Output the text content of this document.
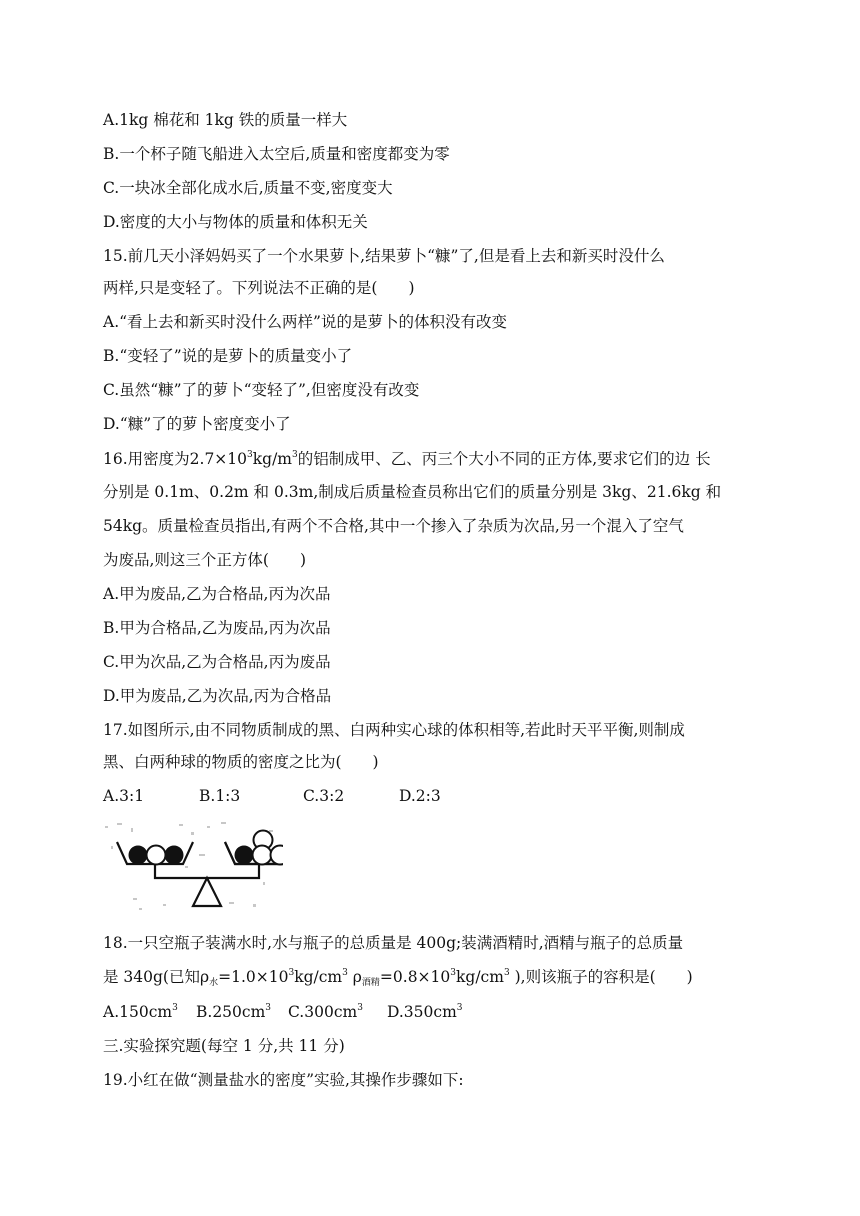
A.1kg 棉花和 1kg 铁的质量一样大
B.一个杯子随飞船进入太空后,质量和密度都变为零
C.一块冰全部化成水后,质量不变,密度变大
D.密度的大小与物体的质量和体积无关
15.前几天小泽妈妈买了一个水果萝卜,结果萝卜“糠”了,但是看上去和新买时没什么
两样,只是变轻了。下列说法不正确的是(　　)
A.“看上去和新买时没什么两样”说的是萝卜的体积没有改变
B.“变轻了”说的是萝卜的质量变小了
C.虽然“糠”了的萝卜“变轻了”,但密度没有改变
D.“糠”了的萝卜密度变小了
16.用密度为$2.7\times 10^3kg/m^3$的铝制成甲、乙、丙三个大小不同的正方体,要求它们的边 长
分别是 0.1m、0.2m 和 0.3m,制成后质量检查员称出它们的质量分别是 3kg、21.6kg 和
54kg。质量检查员指出,有两个不合格,其中一个掺入了杂质为次品,另一个混入了空气
为废品,则这三个正方体(　　)
A.甲为废品,乙为合格品,丙为次品
B.甲为合格品,乙为废品,丙为次品
C.甲为次品,乙为合格品,丙为废品
D.甲为废品,乙为次品,丙为合格品
17.如图所示,由不同物质制成的黑、白两种实心球的体积相等,若此时天平平衡,则制成
黑、白两种球的物质的密度之比为(　　)
A.3:1	B.1:3	C.3:2	D.2:3
18.一只空瓶子装满水时,水与瓶子的总质量是 400g;装满酒精时,酒精与瓶子的总质量
是 340g(已知$\rho_水=1.0\times 10^3kg/cm^3$ $\rho_{酒精}=0.8\times 10^3kg/cm^3$ ),则该瓶子的容积是(　　)
$A.150cm^3$ $B.250cm^3$ $C.300cm^3$ $D.350cm^3$
三.实验探究题(每空 1 分,共 11 分)
19.小红在做“测量盐水的密度”实验,其操作步骤如下:
